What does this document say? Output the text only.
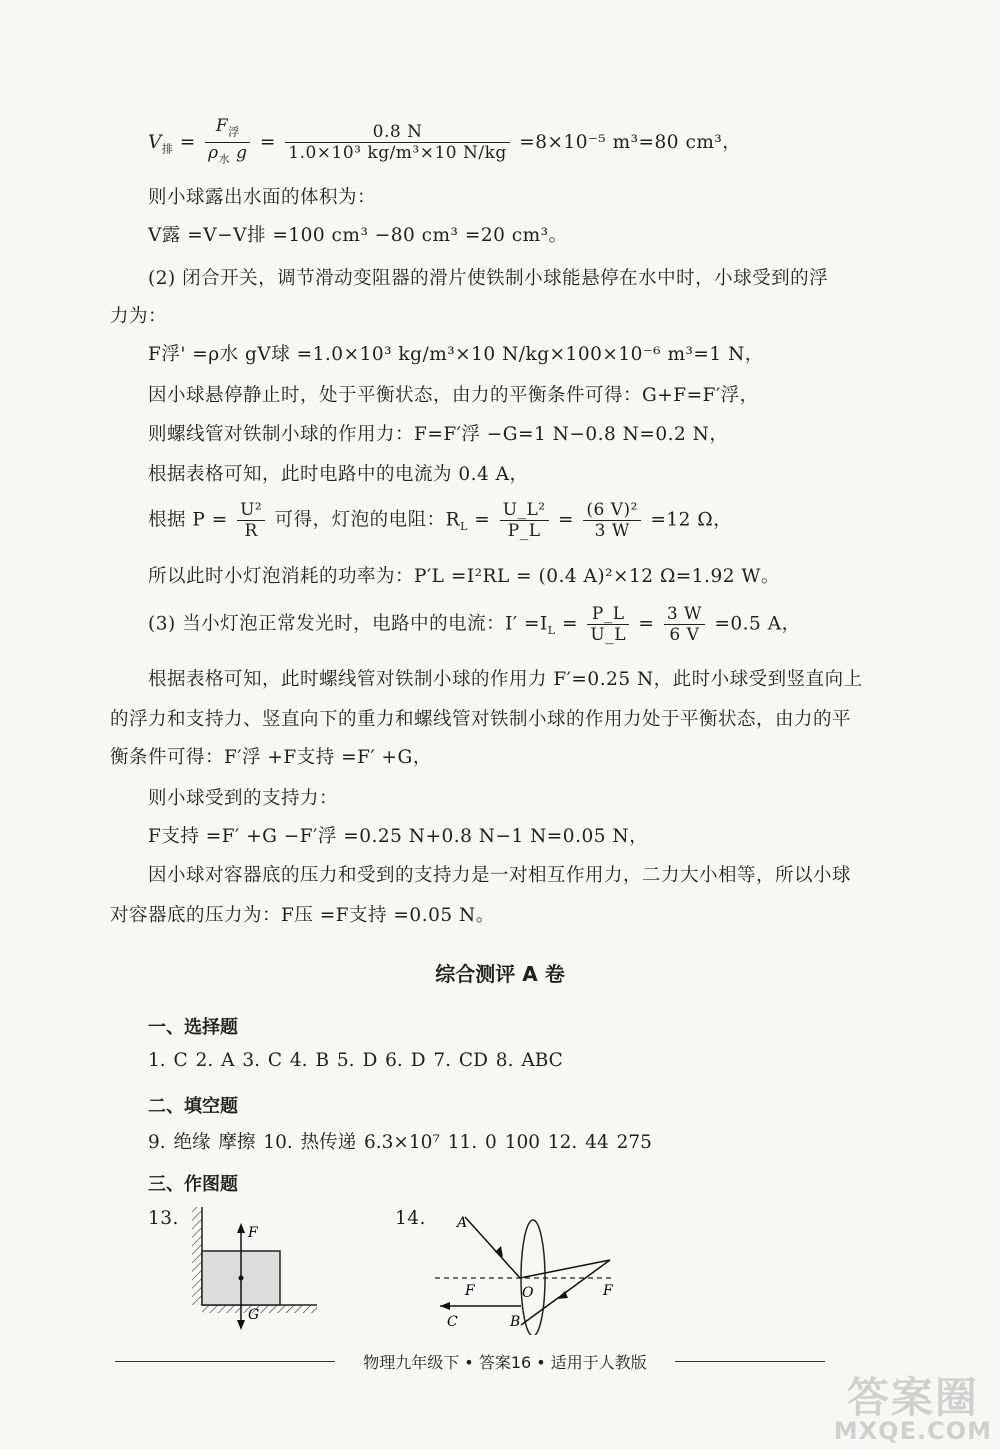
$V_排 = \frac{F_浮}{\rho_水 g} = \frac{0.8 N}{\text{1.0×10³ kg/m³×10 N/kg}} =8\times 10^{-5}$ m³=80 cm³，
则小球露出水面的体积为：
V露 =V−V排 =100 cm³ −80 cm³ =20 cm³。
(2) 闭合开关，调节滑动变阻器的滑片使铁制小球能悬停在水中时，小球受到的浮
力为：
F浮' =ρ水 gV球 =1.0×10³ kg/m³×10 N/kg×100×10⁻⁶ m³=1 N，
因小球悬停静止时，处于平衡状态，由力的平衡条件可得：G+F=F′浮，
则螺线管对铁制小球的作用力：F=F′浮 −G=1 N−0.8 N=0.2 N，
根据表格可知，此时电路中的电流为 0.4 A，
根据 $P = \frac{\text{U²}}{R}$ 可得，灯泡的电阻：$R_L = \frac{\text{U\_L²}}{P\_L} = \frac{\text{(6 V)²}}{3 W} =12$ Ω，
所以此时小灯泡消耗的功率为：P′L =I²RL = (0.4 A)²×12 Ω=1.92 W。
(3) 当小灯泡正常发光时，电路中的电流：$I' =I_L = \frac{P\_L}{U\_L} = \frac{3 W}{6 V} =0.5$ A，
根据表格可知，此时螺线管对铁制小球的作用力 F′=0.25 N，此时小球受到竖直向上
的浮力和支持力、竖直向下的重力和螺线管对铁制小球的作用力处于平衡状态，由力的平
衡条件可得：F′浮 +F支持 =F′ +G，
则小球受到的支持力：
F支持 =F′ +G −F′浮 =0.25 N+0.8 N−1 N=0.05 N，
因小球对容器底的压力和受到的支持力是一对相互作用力，二力大小相等，所以小球
对容器底的压力为：F压 =F支持 =0.05 N。
综合测评 A 卷
一、选择题
1. C 2. A 3. C 4. B 5. D 6. D 7. CD 8. ABC
二、填空题
9. 绝缘 摩擦 10. 热传递 6.3×10⁷ 11. 0 100 12. 44 275
三、作图题
13.
F
G
14. A
F	O	F
C	B
物理九年级下 • 答案16 • 适用于人教版
答案圈
MXQE.COM
